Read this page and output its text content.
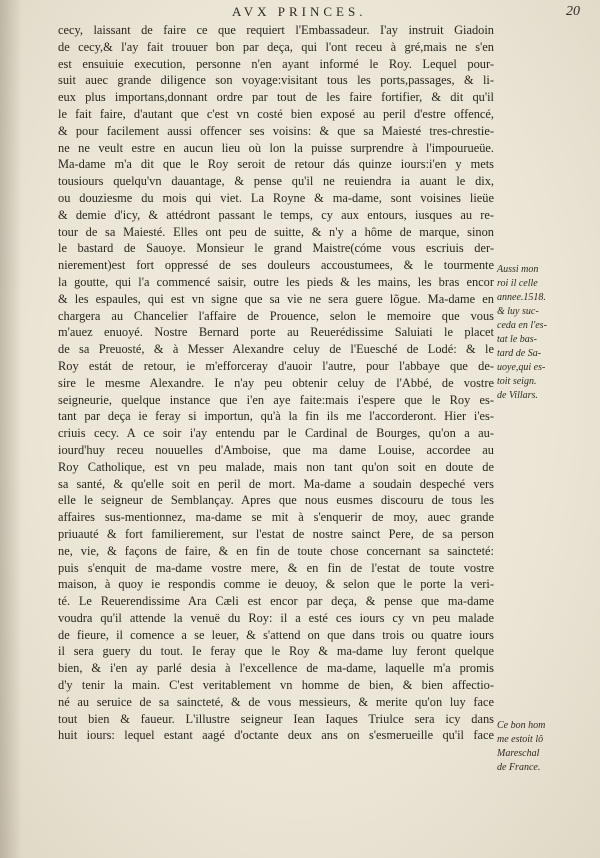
AVX PRINCES.	20
cecy, laissant de faire ce que requiert l'Embassadeur. I'ay instruit Giadoin
de cecy,& l'ay fait trouuer bon par deça, qui l'ont receu à gré,mais ne s'en
est ensuiuie execution, personne n'en ayant informé le Roy. Lequel pour-
suit auec grande diligence son voyage:visitant tous les ports,passages, & li-
eux plus importans,donnant ordre par tout de les faire fortifier, & dit qu'il
le fait faire, d'autant que c'est vn costé bien exposé au peril d'estre offencé,
& pour facilement aussi offencer ses voisins: & que sa Maiesté tres-chrestie-
ne ne veult estre en aucun lieu où lon la puisse surprendre à l'impourueüe.
Ma-dame m'a dit que le Roy seroit de retour dás quinze iours:i'en y mets
tousiours quelqu'vn dauantage, & pense qu'il ne reuiendra ia auant le dix,
ou douziesme du mois qui viet. La Royne & ma-dame, sont voisines lieüe
& demie d'icy, & attédront passant le temps, cy aux entours, iusques au re-
tour de sa Maiesté. Elles ont peu de suitte, & n'y a hôme de marque, sinon
le bastard de Sauoye. Monsieur le grand Maistre(cóme vous escriuis der-
nierement)est fort oppressé de ses douleurs accoustumees, & le tourmente
la goutte, qui l'a commencé saisir, outre les pieds & les mains, les bras encor
& les espaules, qui est vn signe que sa vie ne sera guere lõgue. Ma-dame en
chargera au Chancelier l'affaire de Prouence, selon le memoire que vous
m'auez enuoyé. Nostre Bernard porte au Reuerédissime Saluiati le placet
de sa Preuosté, & à Messer Alexandre celuy de l'Euesché de Lodé: & le
Roy estát de retour, ie m'efforceray d'auoir l'autre, pour l'abbaye que de-
sire le mesme Alexandre. Ie n'ay peu obtenir celuy de l'Abbé, de vostre
seigneurie, quelque instance que i'en aye faite:mais i'espere que le Roy es-
tant par deça ie feray si importun, qu'à la fin ils me l'accorderont. Hier i'es-
criuis cecy. A ce soir i'ay entendu par le Cardinal de Bourges, qu'on a au-
iourd'huy receu nouuelles d'Amboise, que ma dame Louise, accordee au
Roy Catholique, est vn peu malade, mais non tant qu'on soit en doute de
sa santé, & qu'elle soit en peril de mort. Ma-dame a soudain despeché vers
elle le seigneur de Semblançay. Apres que nous eusmes discouru de tous les
affaires sus-mentionnez, ma-dame se mit à s'enquerir de moy, auec grande
priuauté & fort familierement, sur l'estat de nostre sainct Pere, de sa person
ne, vie, & façons de faire, & en fin de toute chose concernant sa saincteté:
puis s'enquit de ma-dame vostre mere, & en fin de l'estat de toute vostre
maison, à quoy ie respondis comme ie deuoy, & selon que le porte la veri-
té. Le Reuerendissime Ara Cæli est encor par deça, & pense que ma-dame
voudra qu'il attende la venuë du Roy: il a esté ces iours cy vn peu malade
de fieure, il comence a se leuer, & s'attend on que dans trois ou quatre iours
il sera guery du tout. Ie feray que le Roy & ma-dame luy feront quelque
bien, & i'en ay parlé desia à l'excellence de ma-dame, laquelle m'a promis
d'y tenir la main. C'est veritablement vn homme de bien, & bien affectio-
né au seruice de sa saincteté, & de vous messieurs, & merite qu'on luy face
tout bien & faueur. L'illustre seigneur Iean Iaques Triulce sera icy dans
huit iours: lequel estant aagé d'octante deux ans on s'esmerueille qu'il face
Aussi mon
roi il celle
annee.1518.
& luy suc-
ceda en l'es-
tat le bas-
tard de Sa-
uoye,qui es-
toit seign.
de Villars.
Ce bon hom
me estoit lô
Mareschal
de France.
